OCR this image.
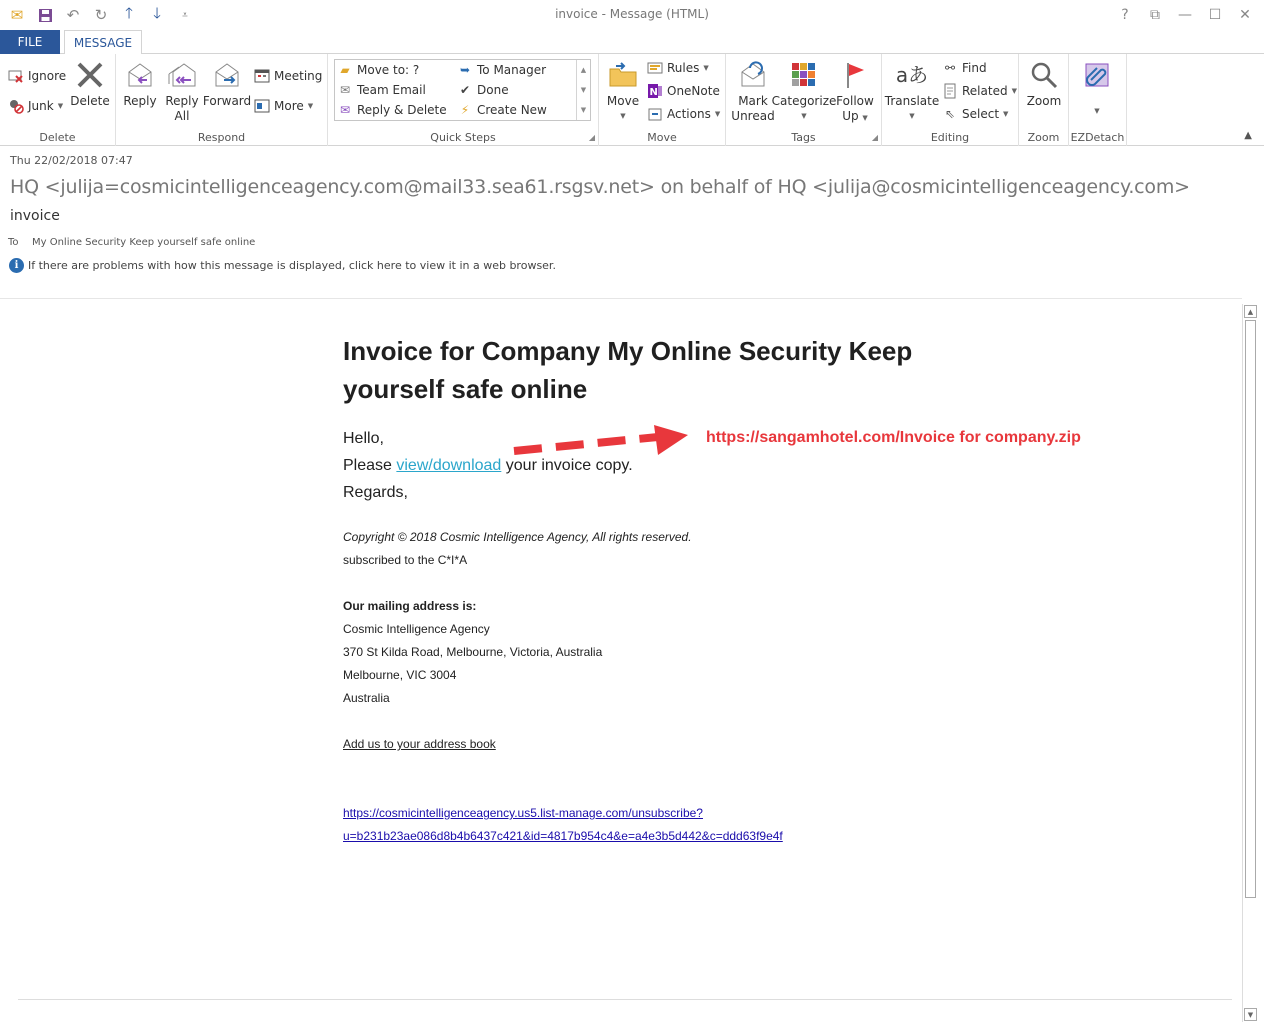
✉	↶	↻	🡑	🡓	⩡	invoice - Message (HTML)	?	⧉	—	☐	✕
FILE	MESSAGE
Ignore
Junk ▼ Delete
Delete
Reply Reply
All
Forward
Meeting
More ▼
Respond
▰ Move to: ?
✉ Team Email
✉ Reply & Delete
➥ To Manager
✔ Done
⚡ Create New
▲
▼
▼
◢
Quick Steps
Move
▼
Rules ▼
N OneNote
Actions ▼
Move
Mark
Unread
Categorize
▼
Follow
Up ▼
◢
Tags
aあ
Translate
▼
⚯ Find
Related ▼
⇖ Select ▼
Editing
Zoom
Zoom
▼
EZDetach	▲
Thu 22/02/2018 07:47
HQ <julija=cosmicintelligenceagency.com@mail33.sea61.rsgsv.net> on behalf of HQ <julija@cosmicintelligenceagency.com>
invoice
To My Online Security Keep yourself safe online
i If there are problems with how this message is displayed, click here to view it in a web browser.
Invoice for Company My Online Security Keep yourself safe online
Hello,
Please view/download your invoice copy.
Regards,
Copyright © 2018 Cosmic Intelligence Agency, All rights reserved.
subscribed to the C*I*A
Our mailing address is:
Cosmic Intelligence Agency
370 St Kilda Road, Melbourne, Victoria, Australia
Melbourne, VIC 3004
Australia
Add us to your address book
https://cosmicintelligenceagency.us5.list-manage.com/unsubscribe?
u=b231b23ae086d8b4b6437c421&id=4817b954c4&e=a4e3b5d442&c=ddd63f9e4f
https://sangamhotel.com/Invoice for company.zip
▲
▼
